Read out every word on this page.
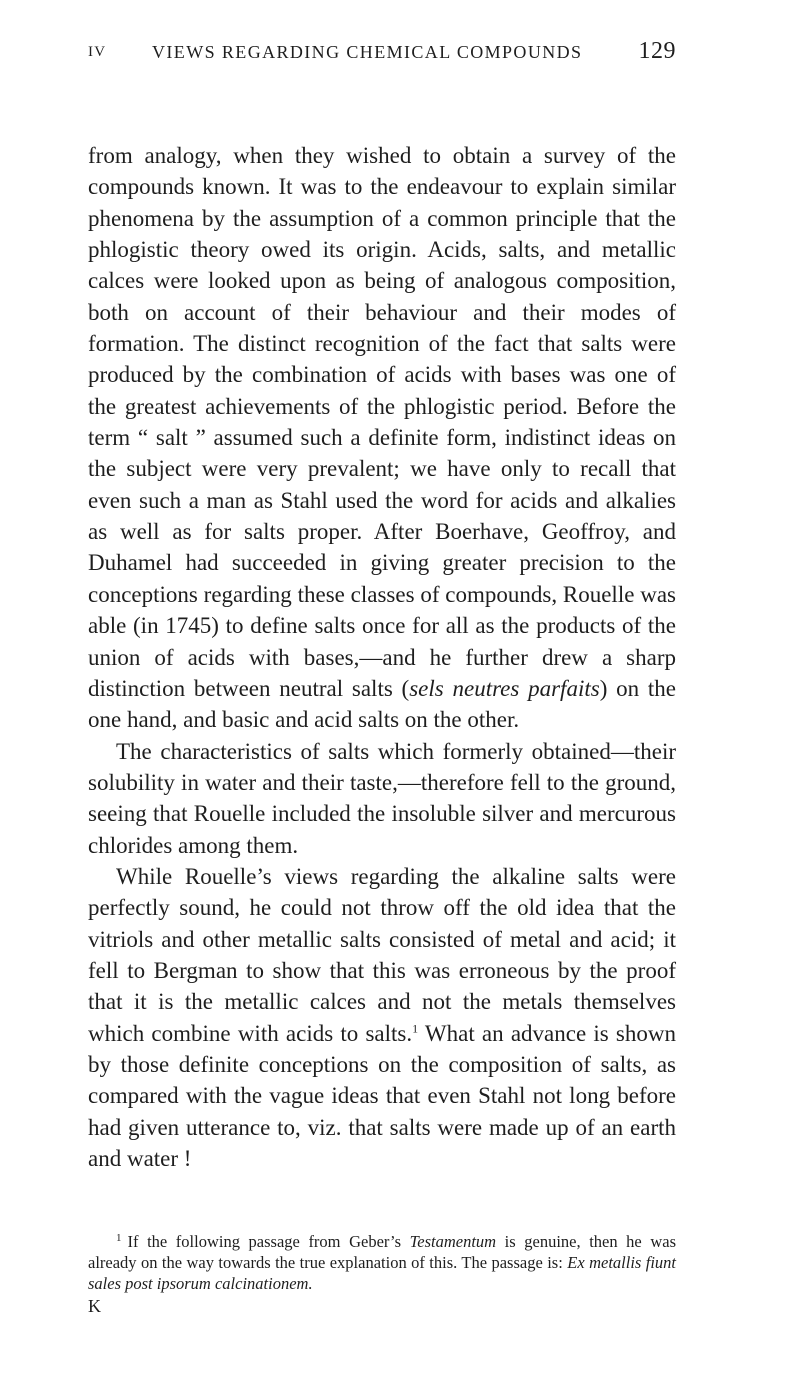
IV	VIEWS REGARDING CHEMICAL COMPOUNDS 129

from analogy, when they wished to obtain a survey of the compounds known. It was to the endeavour to explain similar phenomena by the assumption of a common principle that the phlogistic theory owed its origin. Acids, salts, and metallic calces were looked upon as being of analogous composition, both on account of their behaviour and their modes of formation. The distinct recognition of the fact that salts were produced by the combination of acids with bases was one of the greatest achievements of the phlogistic period. Before the term “ salt ” assumed such a definite form, indistinct ideas on the subject were very prevalent; we have only to recall that even such a man as Stahl used the word for acids and alkalies as well as for salts proper. After Boerhave, Geoffroy, and Duhamel had succeeded in giving greater precision to the conceptions regarding these classes of compounds, Rouelle was able (in 1745) to define salts once for all as the products of the union of acids with bases,—and he further drew a sharp distinction between neutral salts (sels neutres parfaits) on the one hand, and basic and acid salts on the other.

The characteristics of salts which formerly obtained—their solubility in water and their taste,—therefore fell to the ground, seeing that Rouelle included the insoluble silver and mercurous chlorides among them.

While Rouelle’s views regarding the alkaline salts were perfectly sound, he could not throw off the old idea that the vitriols and other metallic salts consisted of metal and acid; it fell to Bergman to show that this was erroneous by the proof that it is the metallic calces and not the metals themselves which combine with acids to salts.$^1$ What an advance is shown by those definite conceptions on the composition of salts, as compared with the vague ideas that even Stahl not long before had given utterance to, viz. that salts were made up of an earth and water !

$^1$ If the following passage from Geber’s Testamentum is genuine, then he was already on the way towards the true explanation of this. The passage is: Ex metallis fiunt sales post ipsorum calcinationem.

K
